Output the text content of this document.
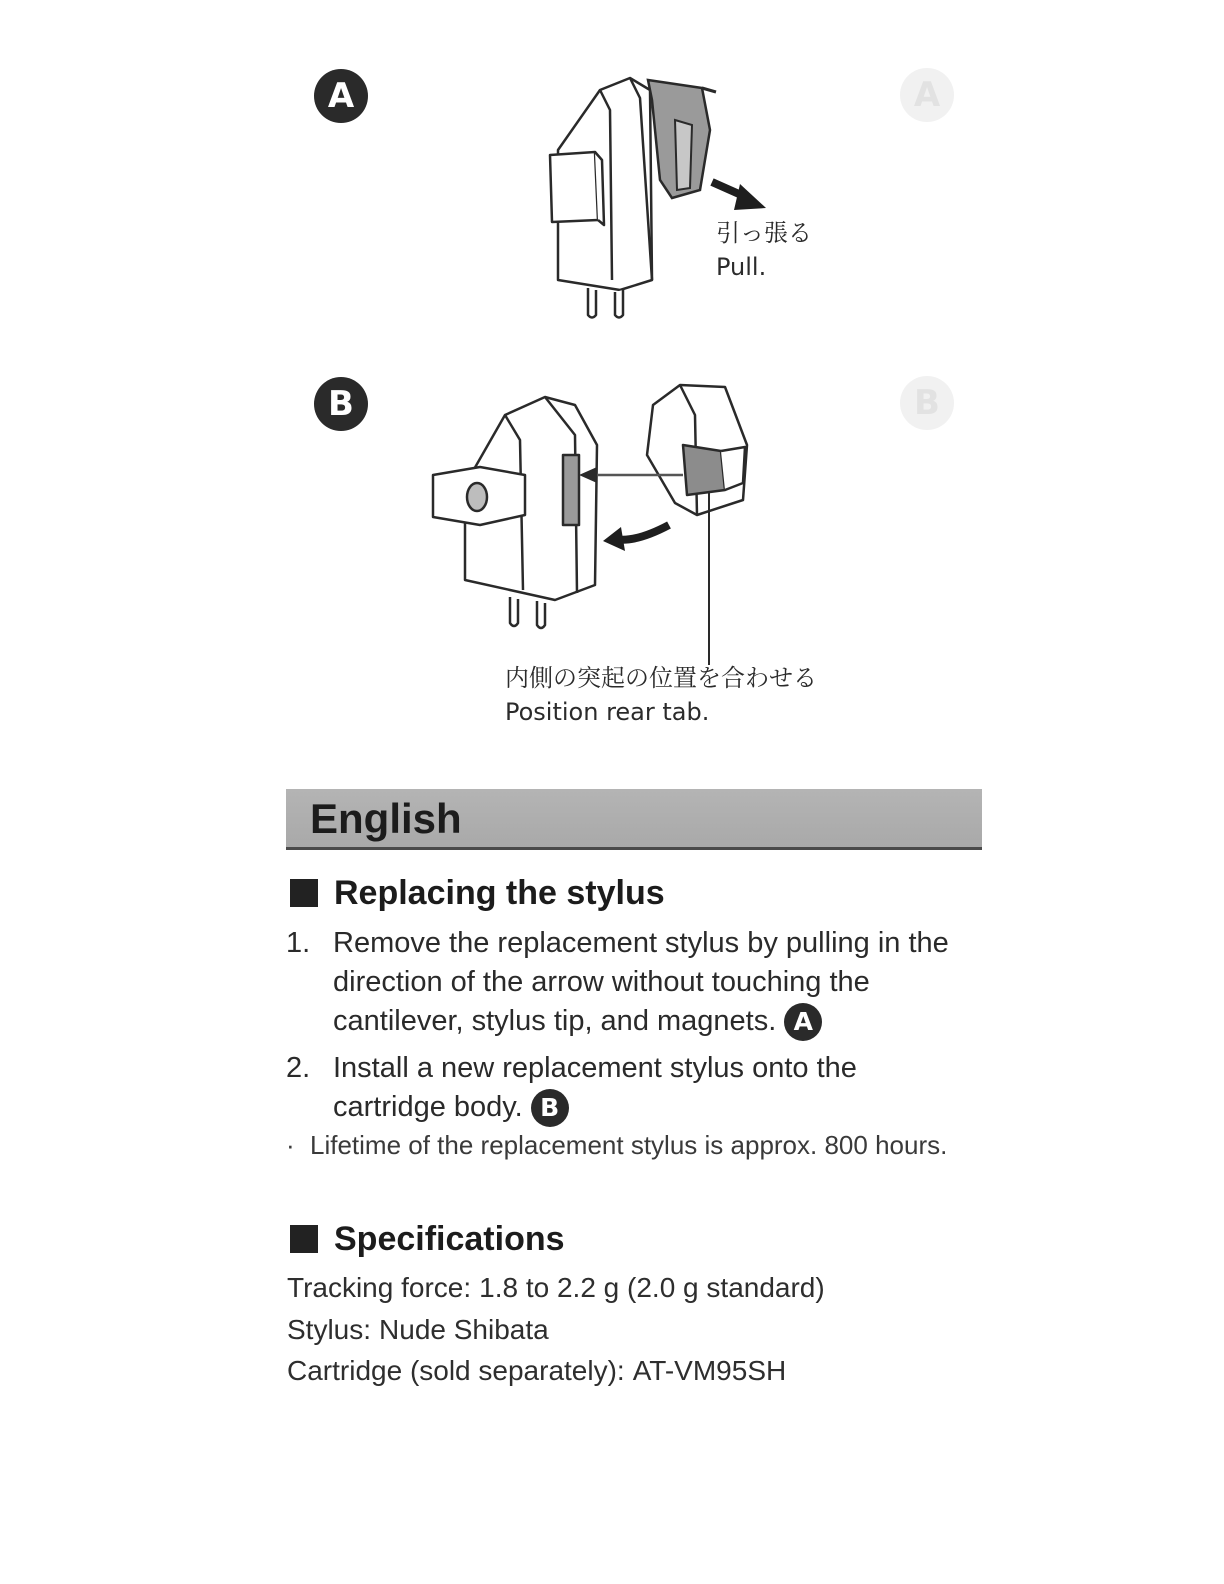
A
B
A
引っ張る
Pull.
B
内側の突起の位置を合わせる
Position rear tab.
English
Replacing the stylus
1. Remove the replacement stylus by pulling in the direction of the arrow without touching the cantilever, stylus tip, and magnets. A
2. Install a new replacement stylus onto the cartridge body. B
· Lifetime of the replacement stylus is approx. 800 hours.
Specifications
Tracking force: 1.8 to 2.2 g (2.0 g standard)
Stylus: Nude Shibata
Cartridge (sold separately): AT-VM95SH
